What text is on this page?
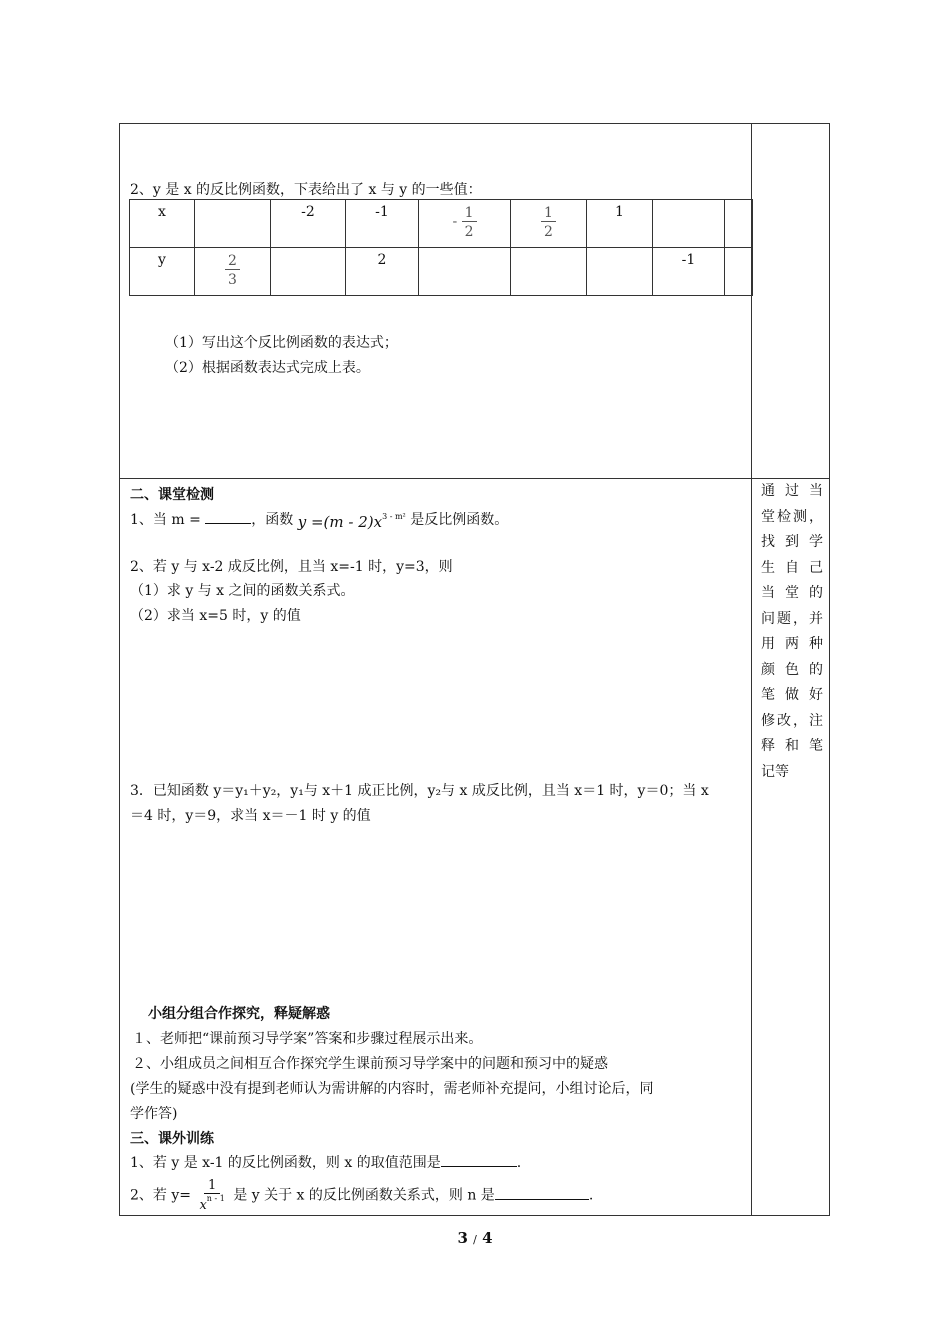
2、y 是 x 的反比例函数，下表给出了 x 与 y 的一些值：
x		-2	-1	- $\frac{1}{2}$	$\frac{1}{2}$	1		

y	$\frac{2}{3}$		2				-1	

（1）写出这个反比例函数的表达式；
（2）根据函数表达式完成上表。
二、课堂检测
1、当 m =	，函数 $y =(m - 2)x^{3 - m^2}$ 是反比例函数。
2、若 y 与 x-2 成反比例，且当 x=-1 时，y=3，则
（1）求 y 与 x 之间的函数关系式。
（2）求当 x=5 时，y 的值
3．已知函数 y＝y₁＋y₂，y₁与 x＋1 成正比例，y₂与 x 成反比例，且当 x＝1 时，y＝0；当 x
＝4 时，y＝9，求当 x＝－1 时 y 的值
小组分组合作探究，释疑解惑
１、老师把“课前预习导学案”答案和步骤过程展示出来。
２、小组成员之间相互合作探究学生课前预习导学案中的问题和预习中的疑惑
(学生的疑惑中没有提到老师认为需讲解的内容时，需老师补充提问，小组讨论后，同
学作答)
三、课外训练
1、若 y 是 x-1 的反比例函数，则 x 的取值范围是	.
2、若 $y= \frac{1}{x^{n - 1}}$ 是 y 关于 x 的反比例函数关系式，则 n 是	.
通 过 当
堂检测，
找 到 学
生 自 己
当 堂 的
问题，并
用 两 种
颜 色 的
笔 做 好
修改，注
释 和 笔
记等
3 / 4
